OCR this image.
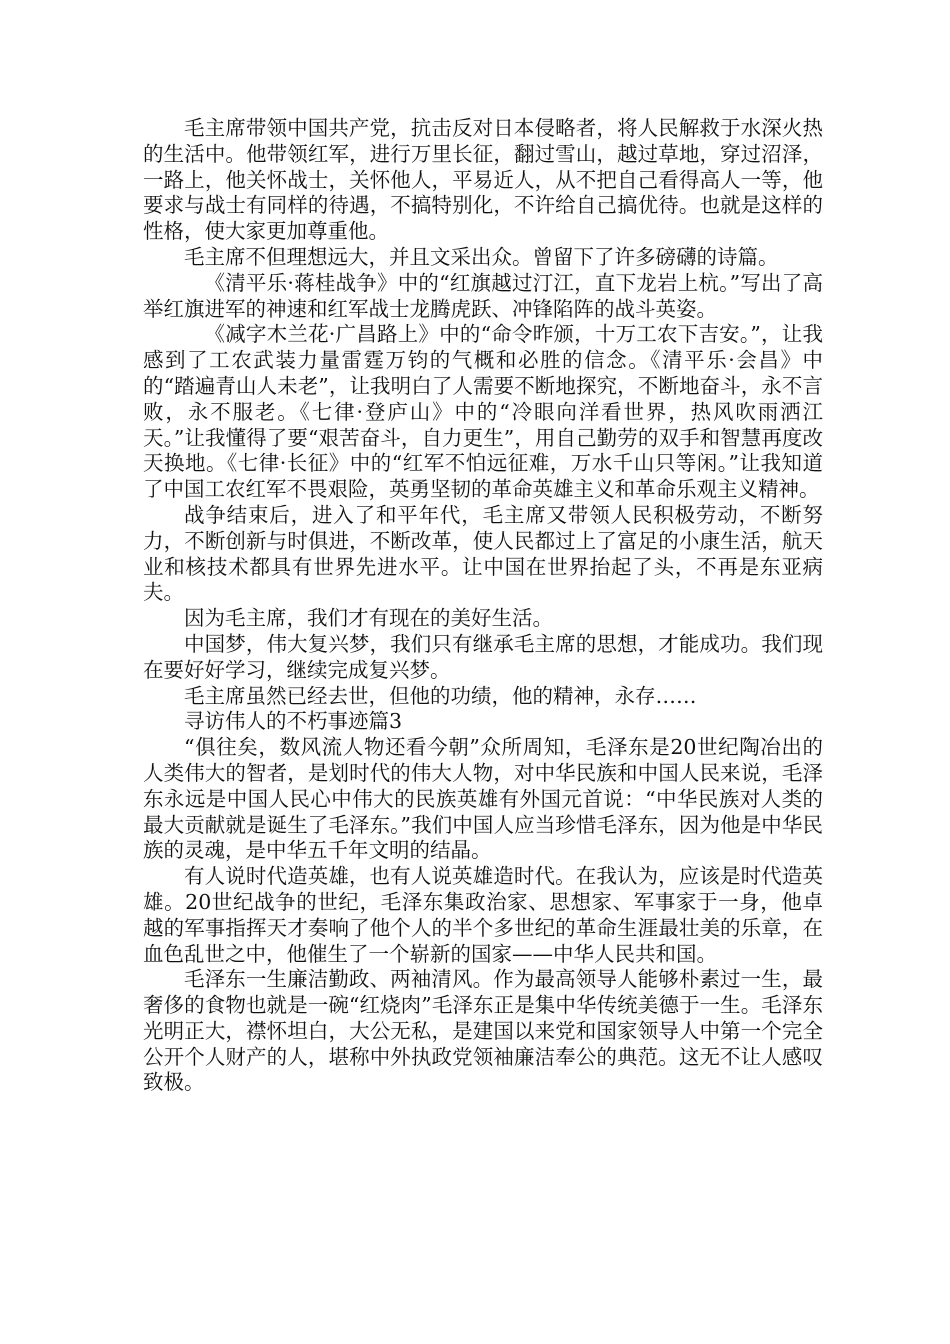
毛主席带领中国共产党，抗击反对日本侵略者，将人民解救于水深火热的生活中。他带领红军，进行万里长征，翻过雪山，越过草地，穿过沼泽，一路上，他关怀战士，关怀他人，平易近人，从不把自己看得高人一等，他要求与战士有同样的待遇，不搞特别化，不许给自己搞优待。也就是这样的性格，使大家更加尊重他。

毛主席不但理想远大，并且文采出众。曾留下了许多磅礴的诗篇。

《清平乐·蒋桂战争》中的“红旗越过汀江，直下龙岩上杭。”写出了高举红旗进军的神速和红军战士龙腾虎跃、冲锋陷阵的战斗英姿。

《减字木兰花·广昌路上》中的“命令昨颁，十万工农下吉安。”，让我感到了工农武装力量雷霆万钧的气概和必胜的信念。《清平乐·会昌》中的“踏遍青山人未老”，让我明白了人需要不断地探究，不断地奋斗，永不言败，永不服老。《七律·登庐山》中的“冷眼向洋看世界，热风吹雨洒江天。”让我懂得了要“艰苦奋斗，自力更生”，用自己勤劳的双手和智慧再度改天换地。《七律·长征》中的“红军不怕远征难，万水千山只等闲。”让我知道了中国工农红军不畏艰险，英勇坚韧的革命英雄主义和革命乐观主义精神。

战争结束后，进入了和平年代，毛主席又带领人民积极劳动，不断努力，不断创新与时俱进，不断改革，使人民都过上了富足的小康生活，航天业和核技术都具有世界先进水平。让中国在世界抬起了头，不再是东亚病夫。

因为毛主席，我们才有现在的美好生活。

中国梦，伟大复兴梦，我们只有继承毛主席的思想，才能成功。我们现在要好好学习，继续完成复兴梦。

毛主席虽然已经去世，但他的功绩，他的精神，永存……

寻访伟人的不朽事迹篇3

“俱往矣，数风流人物还看今朝”众所周知，毛泽东是20世纪陶冶出的人类伟大的智者，是划时代的伟大人物，对中华民族和中国人民来说，毛泽东永远是中国人民心中伟大的民族英雄有外国元首说：“中华民族对人类的最大贡献就是诞生了毛泽东。”我们中国人应当珍惜毛泽东，因为他是中华民族的灵魂，是中华五千年文明的结晶。

有人说时代造英雄，也有人说英雄造时代。在我认为，应该是时代造英雄。20世纪战争的世纪，毛泽东集政治家、思想家、军事家于一身，他卓越的军事指挥天才奏响了他个人的半个多世纪的革命生涯最壮美的乐章，在血色乱世之中，他催生了一个崭新的国家——中华人民共和国。

毛泽东一生廉洁勤政、两袖清风。作为最高领导人能够朴素过一生，最奢侈的食物也就是一碗“红烧肉”毛泽东正是集中华传统美德于一生。毛泽东光明正大，襟怀坦白，大公无私，是建国以来党和国家领导人中第一个完全公开个人财产的人，堪称中外执政党领袖廉洁奉公的典范。这无不让人感叹致极。
